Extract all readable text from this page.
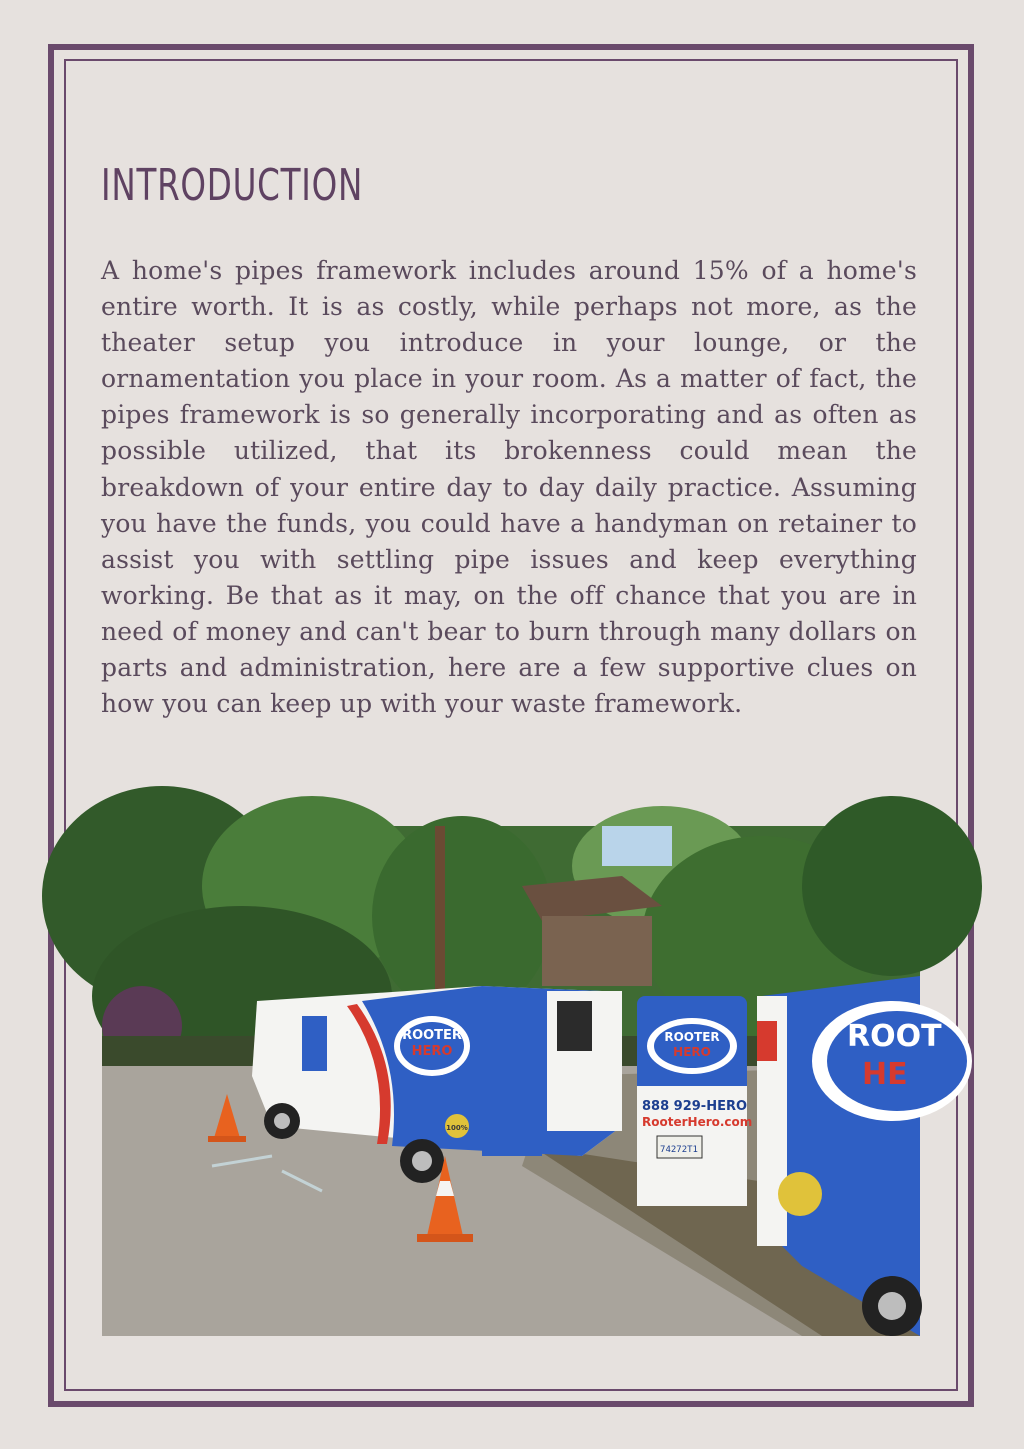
INTRODUCTION

A home's pipes framework includes around 15% of a home's entire worth. It is as costly, while perhaps not more, as the theater setup you introduce in your lounge, or the ornamentation you place in your room. As a matter of fact, the pipes framework is so generally incorporating and as often as possible utilized, that its brokenness could mean the breakdown of your entire day to day daily practice. Assuming you have the funds, you could have a handyman on retainer to assist you with settling pipe issues and keep everything working. Be that as it may, on the off chance that you are in need of money and can't bear to burn through many dollars on parts and administration, here are a few supportive clues on how you can keep up with your waste framework.

ROOTER
HERO
100%
ROOTER
HERO
888 929-HERO
RooterHero.com
74272T1
ROOT
HE
